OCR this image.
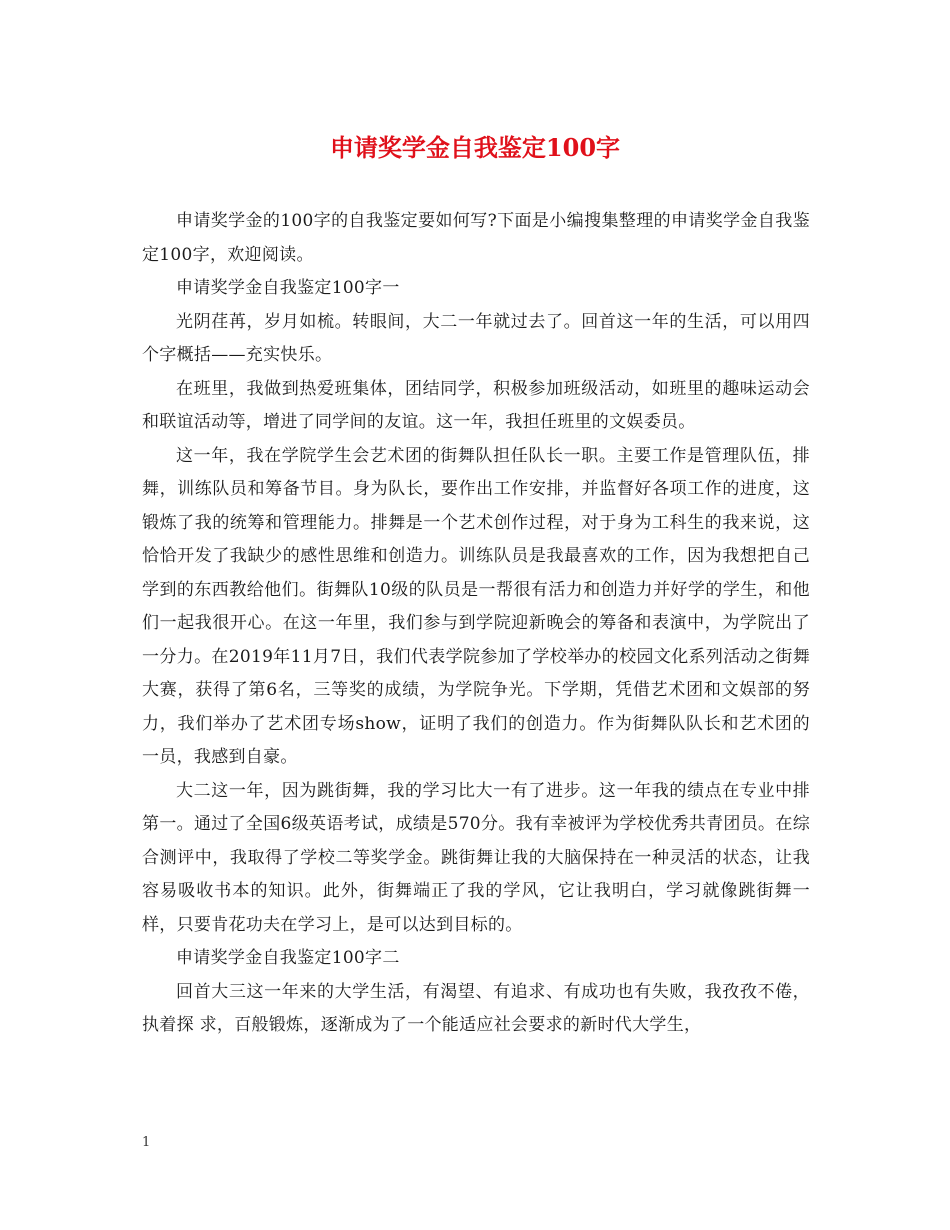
申请奖学金自我鉴定100字

申请奖学金的100字的自我鉴定要如何写?下面是小编搜集整理的申请奖学金自我鉴定100字，欢迎阅读。

申请奖学金自我鉴定100字一

光阴荏苒，岁月如梳。转眼间，大二一年就过去了。回首这一年的生活，可以用四个字概括——充实快乐。

在班里，我做到热爱班集体，团结同学，积极参加班级活动，如班里的趣味运动会和联谊活动等，增进了同学间的友谊。这一年，我担任班里的文娱委员。

这一年，我在学院学生会艺术团的街舞队担任队长一职。主要工作是管理队伍，排舞，训练队员和筹备节目。身为队长，要作出工作安排，并监督好各项工作的进度，这锻炼了我的统筹和管理能力。排舞是一个艺术创作过程，对于身为工科生的我来说，这恰恰开发了我缺少的感性思维和创造力。训练队员是我最喜欢的工作，因为我想把自己学到的东西教给他们。街舞队10级的队员是一帮很有活力和创造力并好学的学生，和他们一起我很开心。在这一年里，我们参与到学院迎新晚会的筹备和表演中，为学院出了一分力。在2019年11月7日，我们代表学院参加了学校举办的校园文化系列活动之街舞大赛，获得了第6名，三等奖的成绩，为学院争光。下学期，凭借艺术团和文娱部的努力，我们举办了艺术团专场show，证明了我们的创造力。作为街舞队队长和艺术团的一员，我感到自豪。

大二这一年，因为跳街舞，我的学习比大一有了进步。这一年我的绩点在专业中排第一。通过了全国6级英语考试，成绩是570分。我有幸被评为学校优秀共青团员。在综合测评中，我取得了学校二等奖学金。跳街舞让我的大脑保持在一种灵活的状态，让我容易吸收书本的知识。此外，街舞端正了我的学风，它让我明白，学习就像跳街舞一样，只要肯花功夫在学习上，是可以达到目标的。

申请奖学金自我鉴定100字二

回首大三这一年来的大学生活，有渴望、有追求、有成功也有失败，我孜孜不倦，执着探 求，百般锻炼，逐渐成为了一个能适应社会要求的新时代大学生，

1
